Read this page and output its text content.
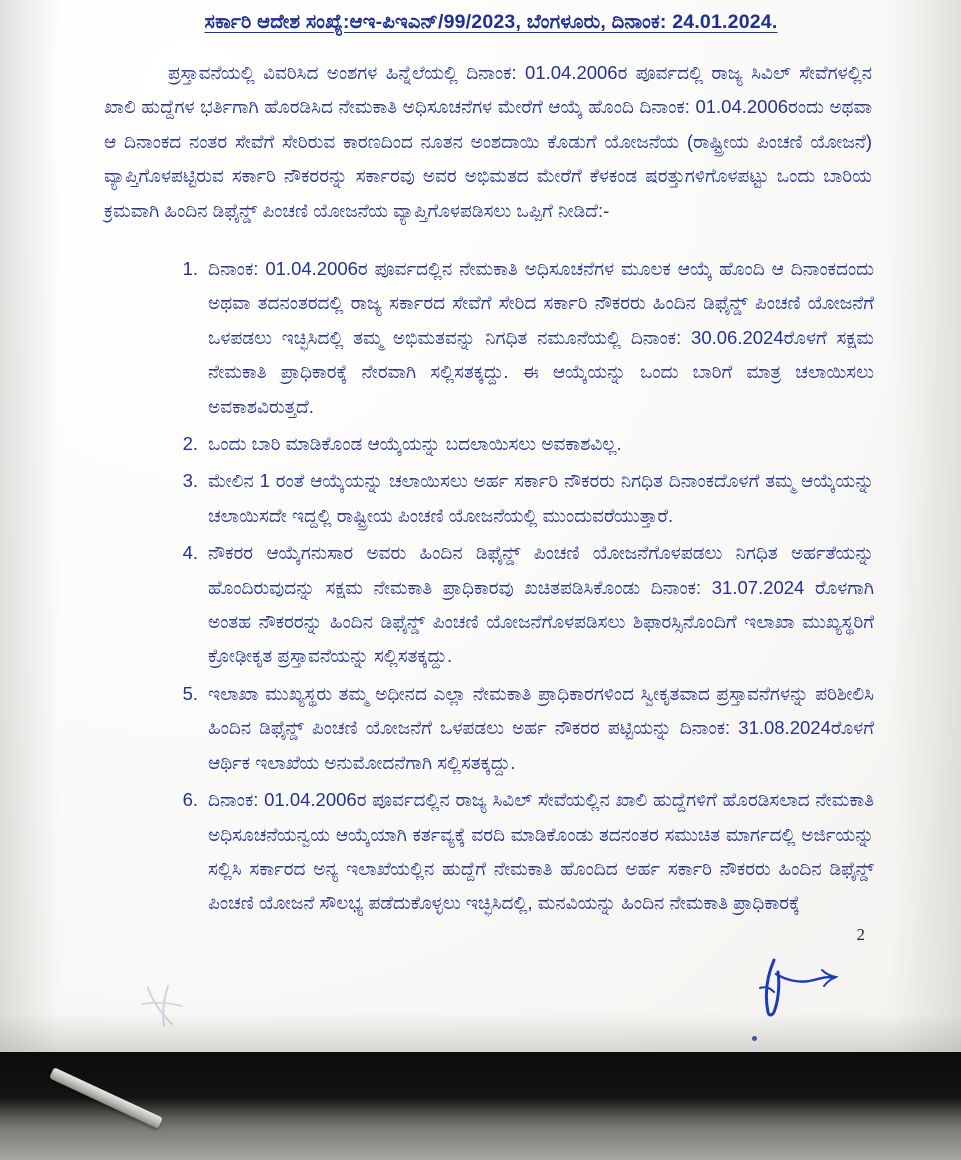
ಸರ್ಕಾರಿ ಆದೇಶ ಸಂಖ್ಯೆ:ಆಇ-ಪಿಇಎನ್/99/2023, ಬೆಂಗಳೂರು, ದಿನಾಂಕ: 24.01.2024.
ಪ್ರಸ್ತಾವನೆಯಲ್ಲಿ ವಿವರಿಸಿದ ಅಂಶಗಳ ಹಿನ್ನೆಲೆಯಲ್ಲಿ ದಿನಾಂಕ: 01.04.2006ರ ಪೂರ್ವದಲ್ಲಿ ರಾಜ್ಯ ಸಿವಿಲ್ ಸೇವೆಗಳಲ್ಲಿನ ಖಾಲಿ ಹುದ್ದೆಗಳ ಭರ್ತಿಗಾಗಿ ಹೊರಡಿಸಿದ ನೇಮಕಾತಿ ಅಧಿಸೂಚನೆಗಳ ಮೇರೆಗೆ ಆಯ್ಕೆ ಹೊಂದಿ ದಿನಾಂಕ: 01.04.2006ರಂದು ಅಥವಾ ಆ ದಿನಾಂಕದ ನಂತರ ಸೇವೆಗೆ ಸೇರಿರುವ ಕಾರಣದಿಂದ ನೂತನ ಅಂಶದಾಯಿ ಕೊಡುಗೆ ಯೋಜನೆಯ (ರಾಷ್ಟ್ರೀಯ ಪಿಂಚಣಿ ಯೋಜನೆ) ವ್ಯಾಪ್ತಿಗೊಳಪಟ್ಟಿರುವ ಸರ್ಕಾರಿ ನೌಕರರನ್ನು ಸರ್ಕಾರವು ಅವರ ಅಭಿಮತದ ಮೇರೆಗೆ ಕೆಳಕಂಡ ಷರತ್ತುಗಳಿಗೊಳಪಟ್ಟು ಒಂದು ಬಾರಿಯ ಕ್ರಮವಾಗಿ ಹಿಂದಿನ ಡಿಫೈನ್ಡ್ ಪಿಂಚಣಿ ಯೋಜನೆಯ ವ್ಯಾಪ್ತಿಗೊಳಪಡಿಸಲು ಒಪ್ಪಿಗೆ ನೀಡಿದೆ:-
1. ದಿನಾಂಕ: 01.04.2006ರ ಪೂರ್ವದಲ್ಲಿನ ನೇಮಕಾತಿ ಅಧಿಸೂಚನೆಗಳ ಮೂಲಕ ಆಯ್ಕೆ ಹೊಂದಿ ಆ ದಿನಾಂಕದಂದು ಅಥವಾ ತದನಂತರದಲ್ಲಿ ರಾಜ್ಯ ಸರ್ಕಾರದ ಸೇವೆಗೆ ಸೇರಿದ ಸರ್ಕಾರಿ ನೌಕರರು ಹಿಂದಿನ ಡಿಫೈನ್ಡ್ ಪಿಂಚಣಿ ಯೋಜನೆಗೆ ಒಳಪಡಲು ಇಚ್ಛಿಸಿದಲ್ಲಿ ತಮ್ಮ ಅಭಿಮತವನ್ನು ನಿಗಧಿತ ನಮೂನೆಯಲ್ಲಿ ದಿನಾಂಕ: 30.06.2024ರೊಳಗೆ ಸಕ್ಷಮ ನೇಮಕಾತಿ ಪ್ರಾಧಿಕಾರಕ್ಕೆ ನೇರವಾಗಿ ಸಲ್ಲಿಸತಕ್ಕದ್ದು. ಈ ಆಯ್ಕೆಯನ್ನು ಒಂದು ಬಾರಿಗೆ ಮಾತ್ರ ಚಲಾಯಿಸಲು ಅವಕಾಶವಿರುತ್ತದೆ.
2. ಒಂದು ಬಾರಿ ಮಾಡಿಕೊಂಡ ಆಯ್ಕೆಯನ್ನು ಬದಲಾಯಿಸಲು ಅವಕಾಶವಿಲ್ಲ.
3. ಮೇಲಿನ 1 ರಂತೆ ಆಯ್ಕೆಯನ್ನು ಚಲಾಯಿಸಲು ಅರ್ಹ ಸರ್ಕಾರಿ ನೌಕರರು ನಿಗಧಿತ ದಿನಾಂಕದೊಳಗೆ ತಮ್ಮ ಆಯ್ಕೆಯನ್ನು ಚಲಾಯಿಸದೇ ಇದ್ದಲ್ಲಿ ರಾಷ್ಟ್ರೀಯ ಪಿಂಚಣಿ ಯೋಜನೆಯಲ್ಲಿ ಮುಂದುವರೆಯುತ್ತಾರೆ.
4. ನೌಕರರ ಆಯ್ಕೆಗನುಸಾರ ಅವರು ಹಿಂದಿನ ಡಿಫೈನ್ಡ್ ಪಿಂಚಣಿ ಯೋಜನೆಗೊಳಪಡಲು ನಿಗಧಿತ ಅರ್ಹತೆಯನ್ನು ಹೊಂದಿರುವುದನ್ನು ಸಕ್ಷಮ ನೇಮಕಾತಿ ಪ್ರಾಧಿಕಾರವು ಖಚಿತಪಡಿಸಿಕೊಂಡು ದಿನಾಂಕ: 31.07.2024 ರೊಳಗಾಗಿ ಅಂತಹ ನೌಕರರನ್ನು ಹಿಂದಿನ ಡಿಫೈನ್ಡ್ ಪಿಂಚಣಿ ಯೋಜನೆಗೊಳಪಡಿಸಲು ಶಿಫಾರಸ್ಸಿನೊಂದಿಗೆ ಇಲಾಖಾ ಮುಖ್ಯಸ್ಥರಿಗೆ ಕ್ರೋಢೀಕೃತ ಪ್ರಸ್ತಾವನೆಯನ್ನು ಸಲ್ಲಿಸತಕ್ಕದ್ದು.
5. ಇಲಾಖಾ ಮುಖ್ಯಸ್ಥರು ತಮ್ಮ ಅಧೀನದ ಎಲ್ಲಾ ನೇಮಕಾತಿ ಪ್ರಾಧಿಕಾರಗಳಿಂದ ಸ್ವೀಕೃತವಾದ ಪ್ರಸ್ತಾವನೆಗಳನ್ನು ಪರಿಶೀಲಿಸಿ ಹಿಂದಿನ ಡಿಫೈನ್ಡ್ ಪಿಂಚಣಿ ಯೋಜನೆಗೆ ಒಳಪಡಲು ಅರ್ಹ ನೌಕರರ ಪಟ್ಟಿಯನ್ನು ದಿನಾಂಕ: 31.08.2024ರೊಳಗೆ ಆರ್ಥಿಕ ಇಲಾಖೆಯ ಅನುಮೋದನೆಗಾಗಿ ಸಲ್ಲಿಸತಕ್ಕದ್ದು.
6. ದಿನಾಂಕ: 01.04.2006ರ ಪೂರ್ವದಲ್ಲಿನ ರಾಜ್ಯ ಸಿವಿಲ್ ಸೇವೆಯಲ್ಲಿನ ಖಾಲಿ ಹುದ್ದೆಗಳಿಗೆ ಹೊರಡಿಸಲಾದ ನೇಮಕಾತಿ ಅಧಿಸೂಚನೆಯನ್ವಯ ಆಯ್ಕೆಯಾಗಿ ಕರ್ತವ್ಯಕ್ಕೆ ವರದಿ ಮಾಡಿಕೊಂಡು ತದನಂತರ ಸಮುಚಿತ ಮಾರ್ಗದಲ್ಲಿ ಅರ್ಜಿಯನ್ನು ಸಲ್ಲಿಸಿ ಸರ್ಕಾರದ ಅನ್ಯ ಇಲಾಖೆಯಲ್ಲಿನ ಹುದ್ದೆಗೆ ನೇಮಕಾತಿ ಹೊಂದಿದ ಅರ್ಹ ಸರ್ಕಾರಿ ನೌಕರರು ಹಿಂದಿನ ಡಿಫೈನ್ಡ್ ಪಿಂಚಣಿ ಯೋಜನೆ ಸೌಲಭ್ಯ ಪಡೆದುಕೊಳ್ಳಲು ಇಚ್ಛಿಸಿದಲ್ಲಿ, ಮನವಿಯನ್ನು ಹಿಂದಿನ ನೇಮಕಾತಿ ಪ್ರಾಧಿಕಾರಕ್ಕೆ
2
